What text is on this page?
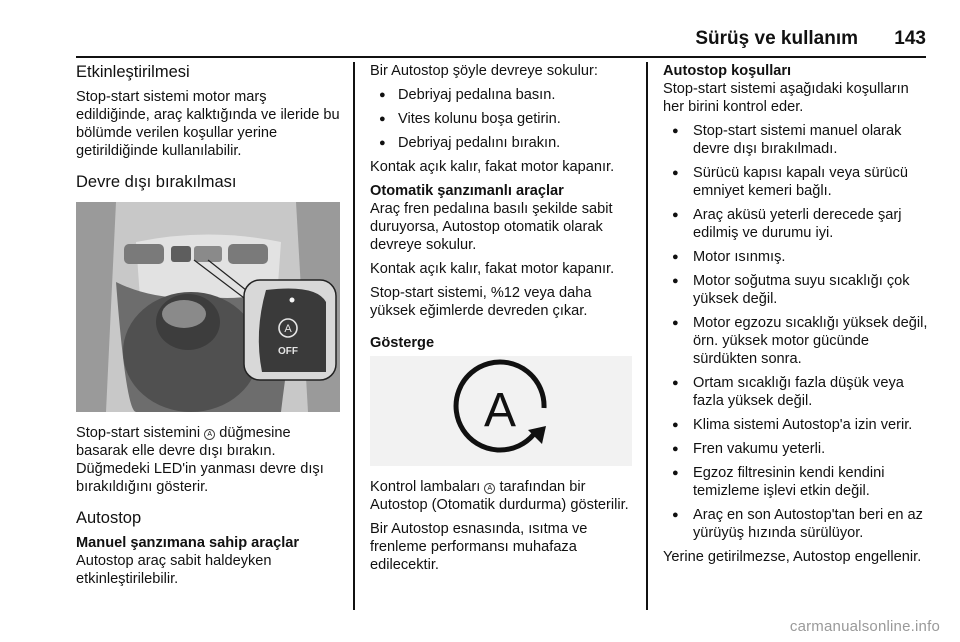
Sürüş ve kullanım 143
Etkinleştirilmesi

Stop-start sistemi motor marş edildiğinde, araç kalktığında ve ileride bu bölümde verilen koşullar yerine getirildiğinde kullanılabilir.

Devre dışı bırakılması
A
OFF

Stop-start sistemini A düğmesine basarak elle devre dışı bırakın. Düğmedeki LED'in yanması devre dışı bırakıldığını gösterir.

Autostop
Manuel şanzımana sahip araçlar

Autostop araç sabit haldeyken etkinleştirilebilir.

Bir Autostop şöyle devreye sokulur:

● Debriyaj pedalına basın.
● Vites kolunu boşa getirin.
● Debriyaj pedalını bırakın.

Kontak açık kalır, fakat motor kapanır.

Otomatik şanzımanlı araçlar

Araç fren pedalına basılı şekilde sabit duruyorsa, Autostop otomatik olarak devreye sokulur.

Kontak açık kalır, fakat motor kapanır.

Stop-start sistemi, %12 veya daha yüksek eğimlerde devreden çıkar.

Gösterge
A

Kontrol lambaları A tarafından bir Autostop (Otomatik durdurma) gösterilir.

Bir Autostop esnasında, ısıtma ve frenleme performansı muhafaza edilecektir.

Autostop koşulları

Stop-start sistemi aşağıdaki koşulların her birini kontrol eder.

● Stop-start sistemi manuel olarak devre dışı bırakılmadı.
● Sürücü kapısı kapalı veya sürücü emniyet kemeri bağlı.
● Araç aküsü yeterli derecede şarj edilmiş ve durumu iyi.
● Motor ısınmış.
● Motor soğutma suyu sıcaklığı çok yüksek değil.
● Motor egzozu sıcaklığı yüksek değil, örn. yüksek motor gücünde sürdükten sonra.
● Ortam sıcaklığı fazla düşük veya fazla yüksek değil.
● Klima sistemi Autostop'a izin verir.
● Fren vakumu yeterli.
● Egzoz filtresinin kendi kendini temizleme işlevi etkin değil.
● Araç en son Autostop'tan beri en az yürüyüş hızında sürülüyor.

Yerine getirilmezse, Autostop engellenir.

carmanualsonline.info
